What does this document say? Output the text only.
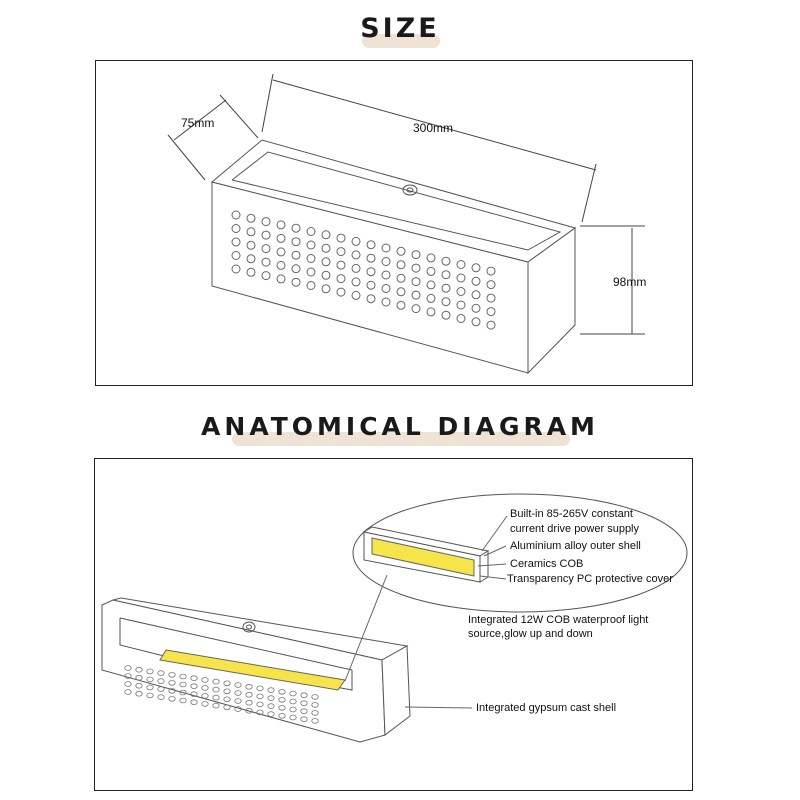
SIZE
75mm	300mm
98mm
ANATOMICAL DIAGRAM
Built-in 85-265V constant
current drive power supply
Aluminium alloy outer shell
Ceramics COB
Transparency PC protective cover
Integrated 12W COB waterproof light
source,glow up and down
Integrated gypsum cast shell
